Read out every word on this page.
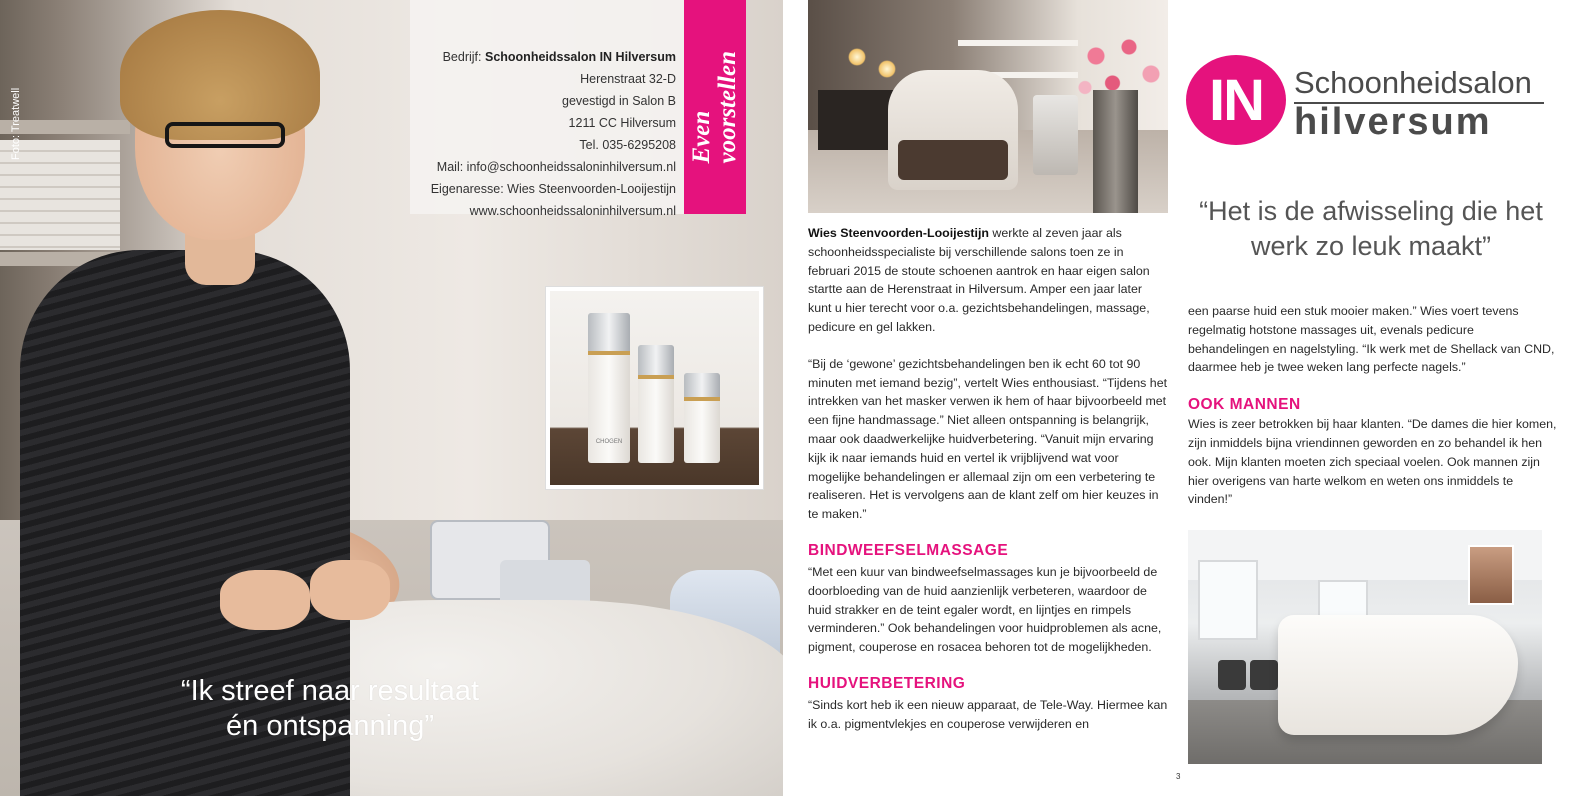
Foto: Treatwell
Bedrijf: Schoonheidssalon IN Hilversum
Herenstraat 32-D
gevestigd in Salon B
1211 CC Hilversum
Tel. 035-6295208
Mail: info@schoonheidssaloninhilversum.nl
Eigenaresse: Wies Steenvoorden-Looijestijn
www.schoonheidssaloninhilversum.nl
Even
voorstellen
CHOGEN
“Ik streef naar resultaat
én ontspanning”

Wies Steenvoorden-Looijestijn werkte al zeven jaar als schoonheidsspecialiste bij verschillende salons toen ze in februari 2015 de stoute schoenen aantrok en haar eigen salon startte aan de Herenstraat in Hilversum. Amper een jaar later kunt u hier terecht voor o.a. gezichtsbehandelingen, massage, pedicure en gel lakken.

“Bij de ‘gewone’ gezichtsbehandelingen ben ik echt 60 tot 90 minuten met iemand bezig”, vertelt Wies enthousiast. “Tijdens het intrekken van het masker verwen ik hem of haar bijvoorbeeld met een fijne handmassage.” Niet alleen ontspanning is belangrijk, maar ook daadwerkelijke huidverbetering. “Vanuit mijn ervaring kijk ik naar iemands huid en vertel ik vrijblijvend wat voor mogelijke behandelingen er allemaal zijn om een verbetering te realiseren. Het is vervolgens aan de klant zelf om hier keuzes in te maken.”

BINDWEEFSELMASSAGE

“Met een kuur van bindweefselmassages kun je bijvoorbeeld de doorbloeding van de huid aanzienlijk verbeteren, waardoor de huid strakker en de teint egaler wordt, en lijntjes en rimpels verminderen.” Ook behandelingen voor huidproblemen als acne, pigment, couperose en rosacea behoren tot de mogelijkheden.

HUIDVERBETERING

“Sinds kort heb ik een nieuw apparaat, de Tele-Way. Hiermee kan ik o.a. pigmentvlekjes en couperose verwijderen en

IN	Schoonheidsalon
hilversum
“Het is de afwisseling die het
werk zo leuk maakt”

een paarse huid een stuk mooier maken.” Wies voert tevens regelmatig hotstone massages uit, evenals pedicure behandelingen en nagelstyling. “Ik werk met de Shellack van CND, daarmee heb je twee weken lang perfecte nagels.”

OOK MANNEN

Wies is zeer betrokken bij haar klanten. “De dames die hier komen, zijn inmiddels bijna vriendinnen geworden en zo behandel ik hen ook. Mijn klanten moeten zich speciaal voelen. Ook mannen zijn hier overigens van harte welkom en weten ons inmiddels te vinden!”

3
